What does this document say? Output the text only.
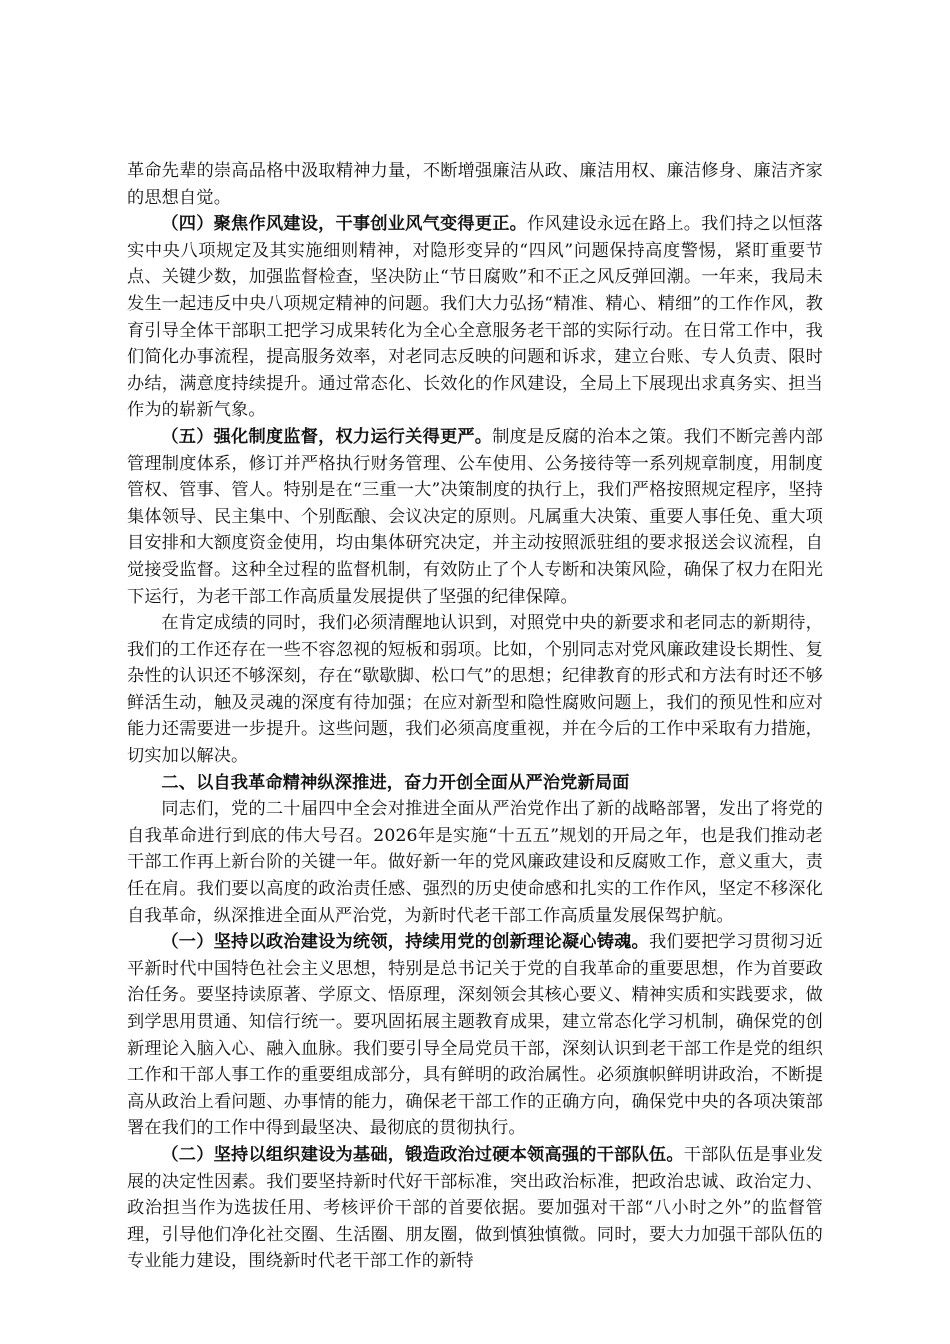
革命先辈的崇高品格中汲取精神力量，不断增强廉洁从政、廉洁用权、廉洁修身、廉洁齐家的思想自觉。

（四）聚焦作风建设，干事创业风气变得更正。作风建设永远在路上。我们持之以恒落实中央八项规定及其实施细则精神，对隐形变异的“四风”问题保持高度警惕，紧盯重要节点、关键少数，加强监督检查，坚决防止“节日腐败”和不正之风反弹回潮。一年来，我局未发生一起违反中央八项规定精神的问题。我们大力弘扬“精准、精心、精细”的工作作风，教育引导全体干部职工把学习成果转化为全心全意服务老干部的实际行动。在日常工作中，我们简化办事流程，提高服务效率，对老同志反映的问题和诉求，建立台账、专人负责、限时办结，满意度持续提升。通过常态化、长效化的作风建设，全局上下展现出求真务实、担当作为的崭新气象。

（五）强化制度监督，权力运行关得更严。制度是反腐的治本之策。我们不断完善内部管理制度体系，修订并严格执行财务管理、公车使用、公务接待等一系列规章制度，用制度管权、管事、管人。特别是在“三重一大”决策制度的执行上，我们严格按照规定程序，坚持集体领导、民主集中、个别酝酿、会议决定的原则。凡属重大决策、重要人事任免、重大项目安排和大额度资金使用，均由集体研究决定，并主动按照派驻组的要求报送会议流程，自觉接受监督。这种全过程的监督机制，有效防止了个人专断和决策风险，确保了权力在阳光下运行，为老干部工作高质量发展提供了坚强的纪律保障。

在肯定成绩的同时，我们必须清醒地认识到，对照党中央的新要求和老同志的新期待，我们的工作还存在一些不容忽视的短板和弱项。比如，个别同志对党风廉政建设长期性、复杂性的认识还不够深刻，存在“歇歇脚、松口气”的思想；纪律教育的形式和方法有时还不够鲜活生动，触及灵魂的深度有待加强；在应对新型和隐性腐败问题上，我们的预见性和应对能力还需要进一步提升。这些问题，我们必须高度重视，并在今后的工作中采取有力措施，切实加以解决。

二、以自我革命精神纵深推进，奋力开创全面从严治党新局面

同志们，党的二十届四中全会对推进全面从严治党作出了新的战略部署，发出了将党的自我革命进行到底的伟大号召。2026年是实施“十五五”规划的开局之年，也是我们推动老干部工作再上新台阶的关键一年。做好新一年的党风廉政建设和反腐败工作，意义重大，责任在肩。我们要以高度的政治责任感、强烈的历史使命感和扎实的工作作风，坚定不移深化自我革命，纵深推进全面从严治党，为新时代老干部工作高质量发展保驾护航。

（一）坚持以政治建设为统领，持续用党的创新理论凝心铸魂。我们要把学习贯彻习近平新时代中国特色社会主义思想，特别是总书记关于党的自我革命的重要思想，作为首要政治任务。要坚持读原著、学原文、悟原理，深刻领会其核心要义、精神实质和实践要求，做到学思用贯通、知信行统一。要巩固拓展主题教育成果，建立常态化学习机制，确保党的创新理论入脑入心、融入血脉。我们要引导全局党员干部，深刻认识到老干部工作是党的组织工作和干部人事工作的重要组成部分，具有鲜明的政治属性。必须旗帜鲜明讲政治，不断提高从政治上看问题、办事情的能力，确保老干部工作的正确方向，确保党中央的各项决策部署在我们的工作中得到最坚决、最彻底的贯彻执行。

（二）坚持以组织建设为基础，锻造政治过硬本领高强的干部队伍。干部队伍是事业发展的决定性因素。我们要坚持新时代好干部标准，突出政治标准，把政治忠诚、政治定力、政治担当作为选拔任用、考核评价干部的首要依据。要加强对干部“八小时之外”的监督管理，引导他们净化社交圈、生活圈、朋友圈，做到慎独慎微。同时，要大力加强干部队伍的专业能力建设，围绕新时代老干部工作的新特
